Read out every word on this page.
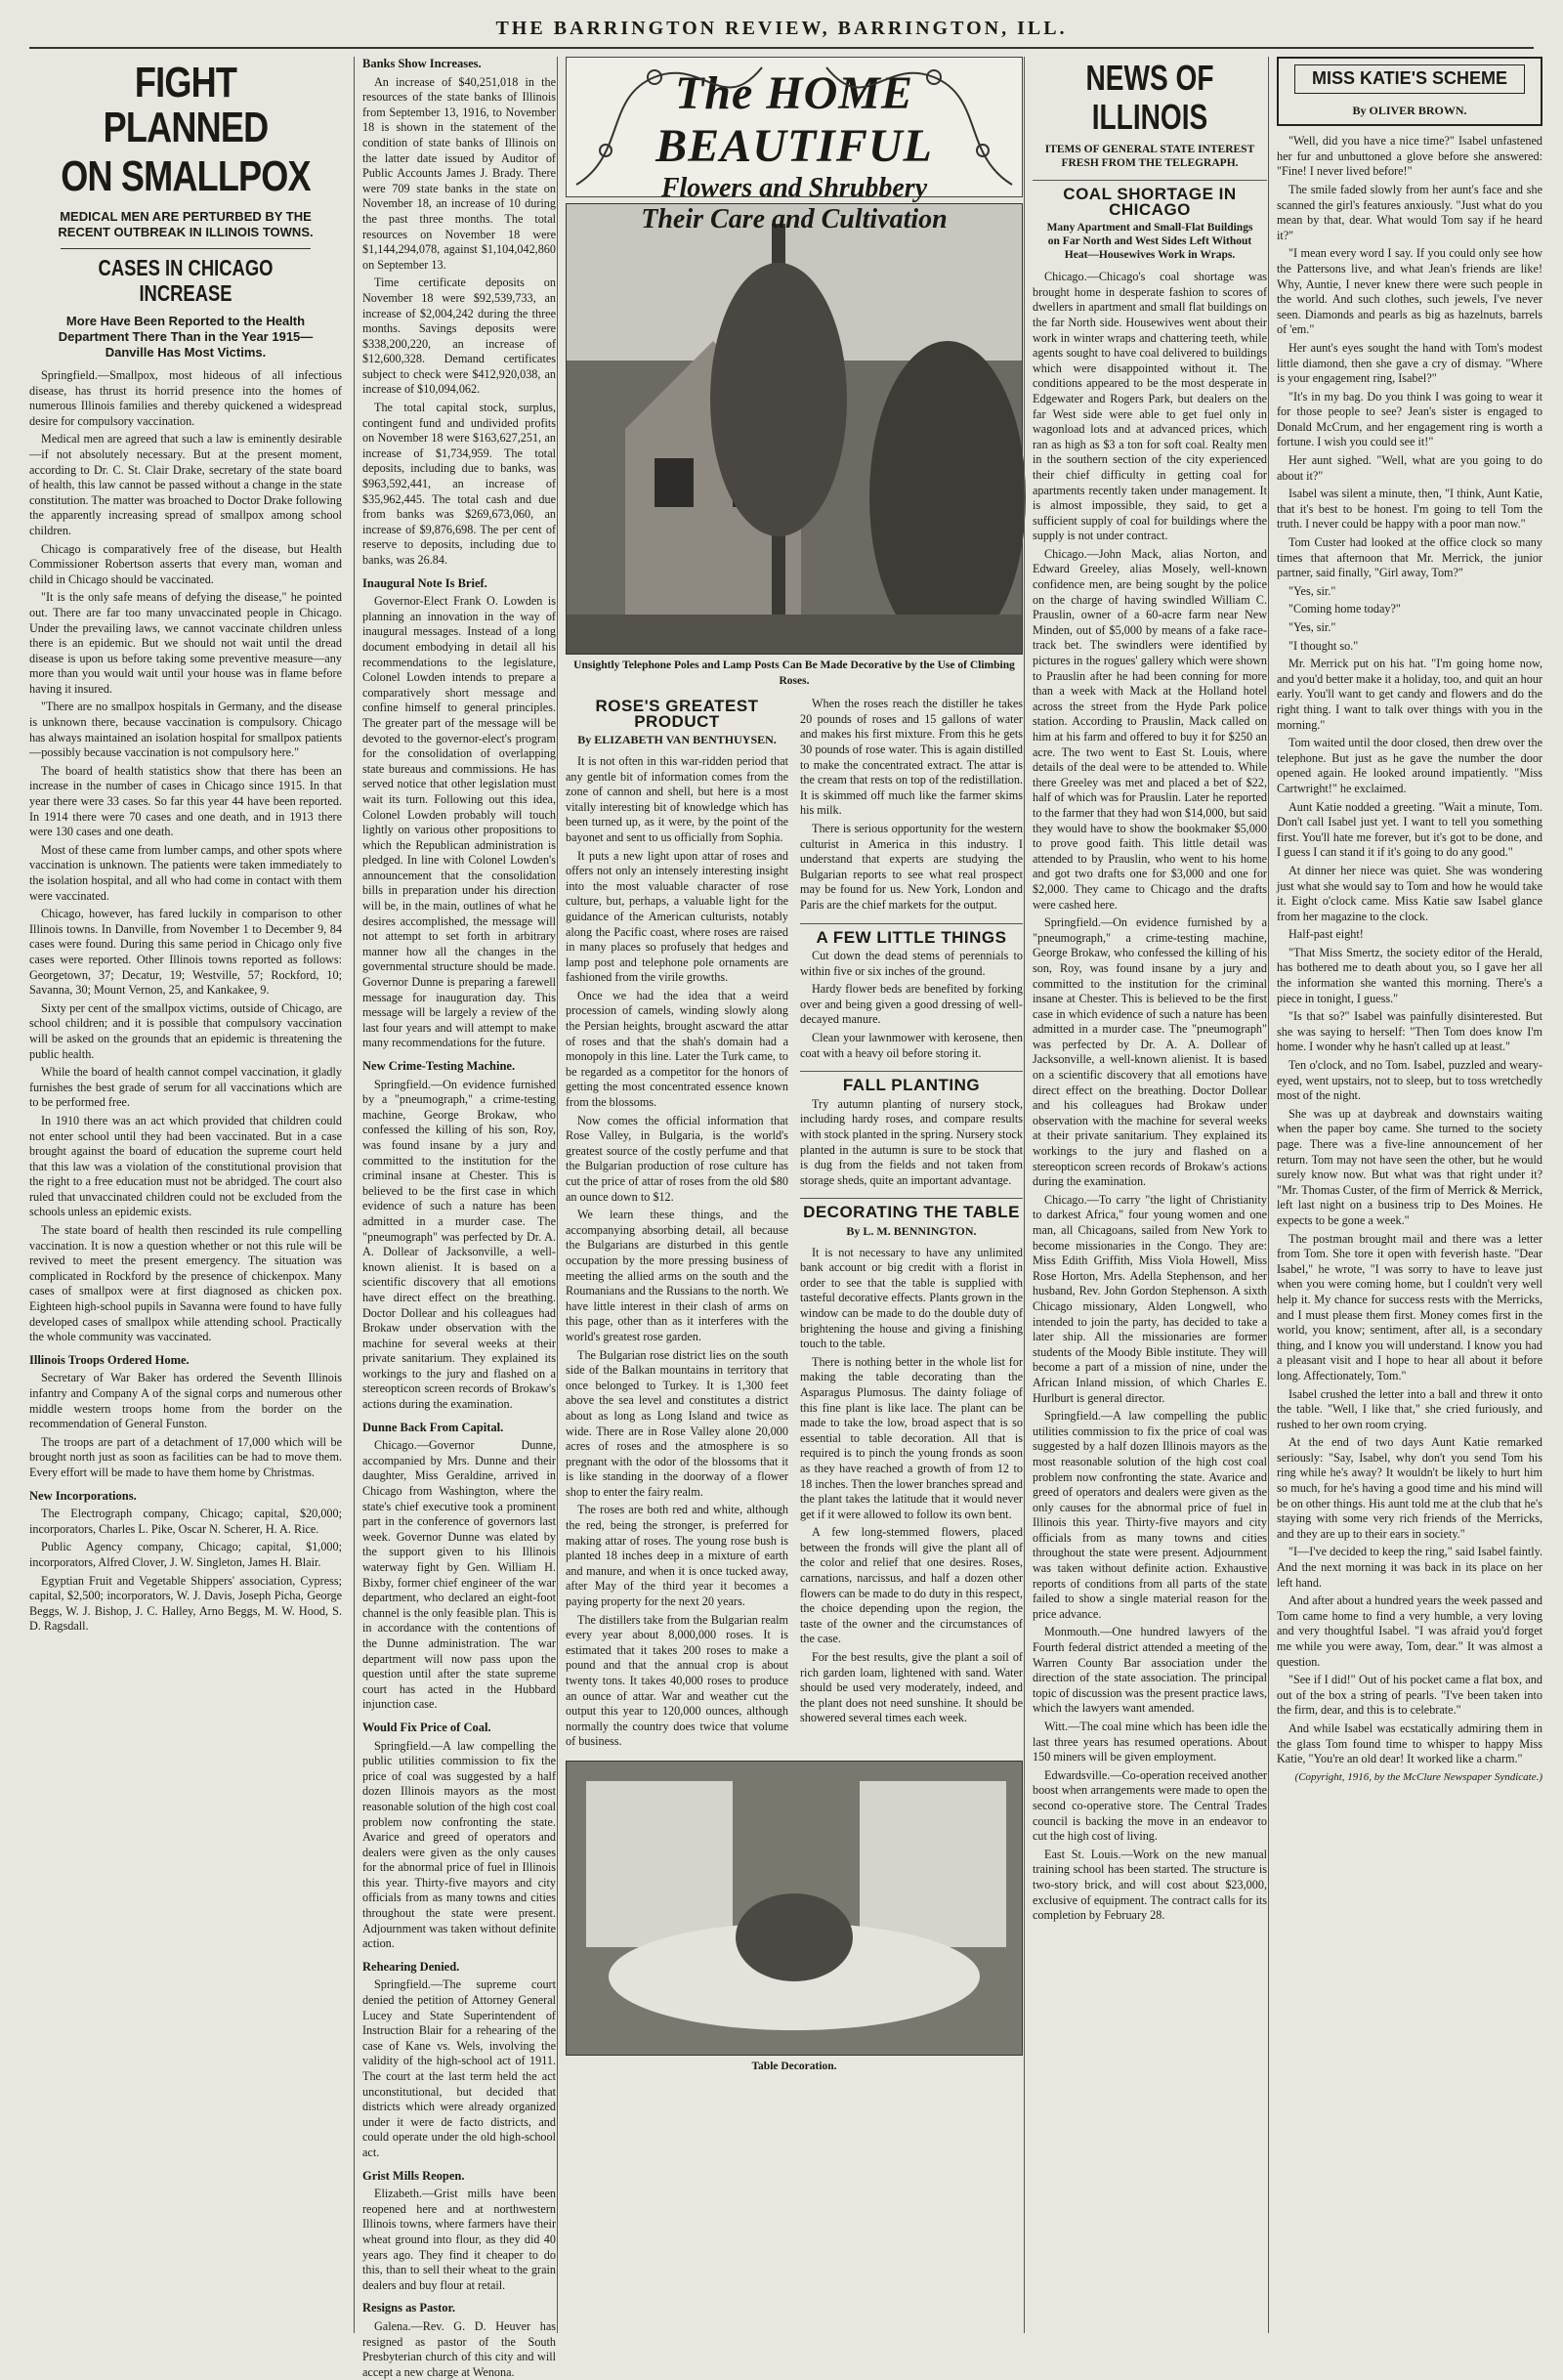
THE BARRINGTON REVIEW, BARRINGTON, ILL.
FIGHT PLANNED
ON SMALLPOX
MEDICAL MEN ARE PERTURBED BY THE RECENT OUTBREAK IN ILLINOIS TOWNS.
CASES IN CHICAGO INCREASE
More Have Been Reported to the Health Department There Than in the Year 1915—Danville Has Most Victims.

Springfield.—Smallpox, most hideous of all infectious disease, has thrust its horrid presence into the homes of numerous Illinois families and thereby quickened a widespread desire for compulsory vaccination.

Medical men are agreed that such a law is eminently desirable—if not absolutely necessary. But at the present moment, according to Dr. C. St. Clair Drake, secretary of the state board of health, this law cannot be passed without a change in the state constitution. The matter was broached to Doctor Drake following the apparently increasing spread of smallpox among school children.

Chicago is comparatively free of the disease, but Health Commissioner Robertson asserts that every man, woman and child in Chicago should be vaccinated.

"It is the only safe means of defying the disease," he pointed out. There are far too many unvaccinated people in Chicago. Under the prevailing laws, we cannot vaccinate children unless there is an epidemic. But we should not wait until the dread disease is upon us before taking some preventive measure—any more than you would wait until your house was in flame before having it insured.

"There are no smallpox hospitals in Germany, and the disease is unknown there, because vaccination is compulsory. Chicago has always maintained an isolation hospital for smallpox patients—possibly because vaccination is not compulsory here."

The board of health statistics show that there has been an increase in the number of cases in Chicago since 1915. In that year there were 33 cases. So far this year 44 have been reported. In 1914 there were 70 cases and one death, and in 1913 there were 130 cases and one death.

Most of these came from lumber camps, and other spots where vaccination is unknown. The patients were taken immediately to the isolation hospital, and all who had come in contact with them were vaccinated.

Chicago, however, has fared luckily in comparison to other Illinois towns. In Danville, from November 1 to December 9, 84 cases were found. During this same period in Chicago only five cases were reported. Other Illinois towns reported as follows: Georgetown, 37; Decatur, 19; Westville, 57; Rockford, 10; Savanna, 30; Mount Vernon, 25, and Kankakee, 9.

Sixty per cent of the smallpox victims, outside of Chicago, are school children; and it is possible that compulsory vaccination will be asked on the grounds that an epidemic is threatening the public health.

While the board of health cannot compel vaccination, it gladly furnishes the best grade of serum for all vaccinations which are to be performed free.

In 1910 there was an act which provided that children could not enter school until they had been vaccinated. But in a case brought against the board of education the supreme court held that this law was a violation of the constitutional provision that the right to a free education must not be abridged. The court also ruled that unvaccinated children could not be excluded from the schools unless an epidemic exists.

The state board of health then rescinded its rule compelling vaccination. It is now a question whether or not this rule will be revived to meet the present emergency. The situation was complicated in Rockford by the presence of chickenpox. Many cases of smallpox were at first diagnosed as chicken pox. Eighteen high-school pupils in Savanna were found to have fully developed cases of smallpox while attending school. Practically the whole community was vaccinated.

Illinois Troops Ordered Home.

Secretary of War Baker has ordered the Seventh Illinois infantry and Company A of the signal corps and numerous other middle western troops home from the border on the recommendation of General Funston.

The troops are part of a detachment of 17,000 which will be brought north just as soon as facilities can be had to move them. Every effort will be made to have them home by Christmas.

New Incorporations.

The Electrograph company, Chicago; capital, $20,000; incorporators, Charles L. Pike, Oscar N. Scherer, H. A. Rice.

Public Agency company, Chicago; capital, $1,000; incorporators, Alfred Clover, J. W. Singleton, James H. Blair.

Egyptian Fruit and Vegetable Shippers' association, Cypress; capital, $2,500; incorporators, W. J. Davis, Joseph Picha, George Beggs, W. J. Bishop, J. C. Halley, Arno Beggs, M. W. Hood, S. D. Ragsdall.

Banks Show Increases.

An increase of $40,251,018 in the resources of the state banks of Illinois from September 13, 1916, to November 18 is shown in the statement of the condition of state banks of Illinois on the latter date issued by Auditor of Public Accounts James J. Brady. There were 709 state banks in the state on November 18, an increase of 10 during the past three months. The total resources on November 18 were $1,144,294,078, against $1,104,042,860 on September 13.

Time certificate deposits on November 18 were $92,539,733, an increase of $2,004,242 during the three months. Savings deposits were $338,200,220, an increase of $12,600,328. Demand certificates subject to check were $412,920,038, an increase of $10,094,062.

The total capital stock, surplus, contingent fund and undivided profits on November 18 were $163,627,251, an increase of $1,734,959. The total deposits, including due to banks, was $963,592,441, an increase of $35,962,445. The total cash and due from banks was $269,673,060, an increase of $9,876,698. The per cent of reserve to deposits, including due to banks, was 26.84.

Inaugural Note Is Brief.

Governor-Elect Frank O. Lowden is planning an innovation in the way of inaugural messages. Instead of a long document embodying in detail all his recommendations to the legislature, Colonel Lowden intends to prepare a comparatively short message and confine himself to general principles. The greater part of the message will be devoted to the governor-elect's program for the consolidation of overlapping state bureaus and commissions. He has served notice that other legislation must wait its turn. Following out this idea, Colonel Lowden probably will touch lightly on various other propositions to which the Republican administration is pledged. In line with Colonel Lowden's announcement that the consolidation bills in preparation under his direction will be, in the main, outlines of what he desires accomplished, the message will not attempt to set forth in arbitrary manner how all the changes in the governmental structure should be made. Governor Dunne is preparing a farewell message for inauguration day. This message will be largely a review of the last four years and will attempt to make many recommendations for the future.

New Crime-Testing Machine.

Springfield.—On evidence furnished by a "pneumograph," a crime-testing machine, George Brokaw, who confessed the killing of his son, Roy, was found insane by a jury and committed to the institution for the criminal insane at Chester. This is believed to be the first case in which evidence of such a nature has been admitted in a murder case. The "pneumograph" was perfected by Dr. A. A. Dollear of Jacksonville, a well-known alienist. It is based on a scientific discovery that all emotions have direct effect on the breathing. Doctor Dollear and his colleagues had Brokaw under observation with the machine for several weeks at their private sanitarium. They explained its workings to the jury and flashed on a stereopticon screen records of Brokaw's actions during the examination.

Dunne Back From Capital.

Chicago.—Governor Dunne, accompanied by Mrs. Dunne and their daughter, Miss Geraldine, arrived in Chicago from Washington, where the state's chief executive took a prominent part in the conference of governors last week. Governor Dunne was elated by the support given to his Illinois waterway fight by Gen. William H. Bixby, former chief engineer of the war department, who declared an eight-foot channel is the only feasible plan. This is in accordance with the contentions of the Dunne administration. The war department will now pass upon the question until after the state supreme court has acted in the Hubbard injunction case.

Would Fix Price of Coal.

Springfield.—A law compelling the public utilities commission to fix the price of coal was suggested by a half dozen Illinois mayors as the most reasonable solution of the high cost coal problem now confronting the state. Avarice and greed of operators and dealers were given as the only causes for the abnormal price of fuel in Illinois this year. Thirty-five mayors and city officials from as many towns and cities throughout the state were present. Adjournment was taken without definite action.

Rehearing Denied.

Springfield.—The supreme court denied the petition of Attorney General Lucey and State Superintendent of Instruction Blair for a rehearing of the case of Kane vs. Wels, involving the validity of the high-school act of 1911. The court at the last term held the act unconstitutional, but decided that districts which were already organized under it were de facto districts, and could operate under the old high-school act.

Grist Mills Reopen.

Elizabeth.—Grist mills have been reopened here and at northwestern Illinois towns, where farmers have their wheat ground into flour, as they did 40 years ago. They find it cheaper to do this, than to sell their wheat to the grain dealers and buy flour at retail.

Resigns as Pastor.

Galena.—Rev. G. D. Heuver has resigned as pastor of the South Presbyterian church of this city and will accept a new charge at Wenona.

The HOME BEAUTIFUL
Flowers and Shrubbery
Their Care and Cultivation
Unsightly Telephone Poles and Lamp Posts Can Be Made Decorative by the Use of Climbing Roses.
ROSE'S GREATEST PRODUCT
By ELIZABETH VAN BENTHUYSEN.

It is not often in this war-ridden period that any gentle bit of information comes from the zone of cannon and shell, but here is a most vitally interesting bit of knowledge which has been turned up, as it were, by the point of the bayonet and sent to us officially from Sophia.

It puts a new light upon attar of roses and offers not only an intensely interesting insight into the most valuable character of rose culture, but, perhaps, a valuable light for the guidance of the American culturists, notably along the Pacific coast, where roses are raised in many places so profusely that hedges and lamp post and telephone pole ornaments are fashioned from the virile growths.

Once we had the idea that a weird procession of camels, winding slowly along the Persian heights, brought ascward the attar of roses and that the shah's domain had a monopoly in this line. Later the Turk came, to be regarded as a competitor for the honors of getting the most concentrated essence known from the blossoms.

Now comes the official information that Rose Valley, in Bulgaria, is the world's greatest source of the costly perfume and that the Bulgarian production of rose culture has cut the price of attar of roses from the old $80 an ounce down to $12.

We learn these things, and the accompanying absorbing detail, all because the Bulgarians are disturbed in this gentle occupation by the more pressing business of meeting the allied arms on the south and the Roumanians and the Russians to the north. We have little interest in their clash of arms on this page, other than as it interferes with the world's greatest rose garden.

The Bulgarian rose district lies on the south side of the Balkan mountains in territory that once belonged to Turkey. It is 1,300 feet above the sea level and constitutes a district about as long as Long Island and twice as wide. There are in Rose Valley alone 20,000 acres of roses and the atmosphere is so pregnant with the odor of the blossoms that it is like standing in the doorway of a flower shop to enter the fairy realm.

The roses are both red and white, although the red, being the stronger, is preferred for making attar of roses. The young rose bush is planted 18 inches deep in a mixture of earth and manure, and when it is once tucked away, after May of the third year it becomes a paying property for the next 20 years.

The distillers take from the Bulgarian realm every year about 8,000,000 roses. It is estimated that it takes 200 roses to make a pound and that the annual crop is about twenty tons. It takes 40,000 roses to produce an ounce of attar. War and weather cut the output this year to 120,000 ounces, although normally the country does twice that volume of business.

When the roses reach the distiller he takes 20 pounds of roses and 15 gallons of water and makes his first mixture. From this he gets 30 pounds of rose water. This is again distilled to make the concentrated extract. The attar is the cream that rests on top of the redistillation. It is skimmed off much like the farmer skims his milk.

There is serious opportunity for the western culturist in America in this industry. I understand that experts are studying the Bulgarian reports to see what real prospect may be found for us. New York, London and Paris are the chief markets for the output.

A FEW LITTLE THINGS

Cut down the dead stems of perennials to within five or six inches of the ground.

Hardy flower beds are benefited by forking over and being given a good dressing of well-decayed manure.

Clean your lawnmower with kerosene, then coat with a heavy oil before storing it.

FALL PLANTING

Try autumn planting of nursery stock, including hardy roses, and compare results with stock planted in the spring. Nursery stock planted in the autumn is sure to be stock that is dug from the fields and not taken from storage sheds, quite an important advantage.

DECORATING THE TABLE
By L. M. BENNINGTON.

It is not necessary to have any unlimited bank account or big credit with a florist in order to see that the table is supplied with tasteful decorative effects. Plants grown in the window can be made to do the double duty of brightening the house and giving a finishing touch to the table.

There is nothing better in the whole list for making the table decorating than the Asparagus Plumosus. The dainty foliage of this fine plant is like lace. The plant can be made to take the low, broad aspect that is so essential to table decoration. All that is required is to pinch the young fronds as soon as they have reached a growth of from 12 to 18 inches. Then the lower branches spread and the plant takes the latitude that it would never get if it were allowed to follow its own bent.

A few long-stemmed flowers, placed between the fronds will give the plant all of the color and relief that one desires. Roses, carnations, narcissus, and half a dozen other flowers can be made to do duty in this respect, the choice depending upon the region, the taste of the owner and the circumstances of the case.

For the best results, give the plant a soil of rich garden loam, lightened with sand. Water should be used very moderately, indeed, and the plant does not need sunshine. It should be showered several times each week.

Table Decoration.
NEWS OF ILLINOIS
ITEMS OF GENERAL STATE INTEREST FRESH FROM THE TELEGRAPH.
COAL SHORTAGE IN CHICAGO
Many Apartment and Small-Flat Buildings on Far North and West Sides Left Without Heat—Housewives Work in Wraps.

Chicago.—Chicago's coal shortage was brought home in desperate fashion to scores of dwellers in apartment and small flat buildings on the far North side. Housewives went about their work in winter wraps and chattering teeth, while agents sought to have coal delivered to buildings which were disappointed without it. The conditions appeared to be the most desperate in Edgewater and Rogers Park, but dealers on the far West side were able to get fuel only in wagonload lots and at advanced prices, which ran as high as $3 a ton for soft coal. Realty men in the southern section of the city experienced their chief difficulty in getting coal for apartments recently taken under management. It is almost impossible, they said, to get a sufficient supply of coal for buildings where the supply is not under contract.

Chicago.—John Mack, alias Norton, and Edward Greeley, alias Mosely, well-known confidence men, are being sought by the police on the charge of having swindled William C. Prauslin, owner of a 60-acre farm near New Minden, out of $5,000 by means of a fake race-track bet. The swindlers were identified by pictures in the rogues' gallery which were shown to Prauslin after he had been conning for more than a week with Mack at the Holland hotel across the street from the Hyde Park police station. According to Prauslin, Mack called on him at his farm and offered to buy it for $250 an acre. The two went to East St. Louis, where details of the deal were to be attended to. While there Greeley was met and placed a bet of $22, half of which was for Prauslin. Later he reported to the farmer that they had won $14,000, but said they would have to show the bookmaker $5,000 to prove good faith. This little detail was attended to by Prauslin, who went to his home and got two drafts one for $3,000 and one for $2,000. They came to Chicago and the drafts were cashed here.

Springfield.—On evidence furnished by a "pneumograph," a crime-testing machine, George Brokaw, who confessed the killing of his son, Roy, was found insane by a jury and committed to the institution for the criminal insane at Chester. This is believed to be the first case in which evidence of such a nature has been admitted in a murder case. The "pneumograph" was perfected by Dr. A. A. Dollear of Jacksonville, a well-known alienist. It is based on a scientific discovery that all emotions have direct effect on the breathing. Doctor Dollear and his colleagues had Brokaw under observation with the machine for several weeks at their private sanitarium. They explained its workings to the jury and flashed on a stereopticon screen records of Brokaw's actions during the examination.

Chicago.—To carry "the light of Christianity to darkest Africa," four young women and one man, all Chicagoans, sailed from New York to become missionaries in the Congo. They are: Miss Edith Griffith, Miss Viola Howell, Miss Rose Horton, Mrs. Adella Stephenson, and her husband, Rev. John Gordon Stephenson. A sixth Chicago missionary, Alden Longwell, who intended to join the party, has decided to take a later ship. All the missionaries are former students of the Moody Bible institute. They will become a part of a mission of nine, under the African Inland mission, of which Charles E. Hurlburt is general director.

Springfield.—A law compelling the public utilities commission to fix the price of coal was suggested by a half dozen Illinois mayors as the most reasonable solution of the high cost coal problem now confronting the state. Avarice and greed of operators and dealers were given as the only causes for the abnormal price of fuel in Illinois this year. Thirty-five mayors and city officials from as many towns and cities throughout the state were present. Adjournment was taken without definite action. Exhaustive reports of conditions from all parts of the state failed to show a single material reason for the price advance.

Monmouth.—One hundred lawyers of the Fourth federal district attended a meeting of the Warren County Bar association under the direction of the state association. The principal topic of discussion was the present practice laws, which the lawyers want amended.

Witt.—The coal mine which has been idle the last three years has resumed operations. About 150 miners will be given employment.

Edwardsville.—Co-operation received another boost when arrangements were made to open the second co-operative store. The Central Trades council is backing the move in an endeavor to cut the high cost of living.

East St. Louis.—Work on the new manual training school has been started. The structure is two-story brick, and will cost about $23,000, exclusive of equipment. The contract calls for its completion by February 28.

MISS KATIE'S SCHEME
By OLIVER BROWN.

"Well, did you have a nice time?" Isabel unfastened her fur and unbuttoned a glove before she answered: "Fine! I never lived before!"

The smile faded slowly from her aunt's face and she scanned the girl's features anxiously. "Just what do you mean by that, dear. What would Tom say if he heard it?"

"I mean every word I say. If you could only see how the Pattersons live, and what Jean's friends are like! Why, Auntie, I never knew there were such people in the world. And such clothes, such jewels, I've never seen. Diamonds and pearls as big as hazelnuts, barrels of 'em."

Her aunt's eyes sought the hand with Tom's modest little diamond, then she gave a cry of dismay. "Where is your engagement ring, Isabel?"

"It's in my bag. Do you think I was going to wear it for those people to see? Jean's sister is engaged to Donald McCrum, and her engagement ring is worth a fortune. I wish you could see it!"

Her aunt sighed. "Well, what are you going to do about it?"

Isabel was silent a minute, then, "I think, Aunt Katie, that it's best to be honest. I'm going to tell Tom the truth. I never could be happy with a poor man now."

Tom Custer had looked at the office clock so many times that afternoon that Mr. Merrick, the junior partner, said finally, "Girl away, Tom?"

"Yes, sir."

"Coming home today?"

"Yes, sir."

"I thought so."

Mr. Merrick put on his hat. "I'm going home now, and you'd better make it a holiday, too, and quit an hour early. You'll want to get candy and flowers and do the right thing. I want to talk over things with you in the morning."

Tom waited until the door closed, then drew over the telephone. But just as he gave the number the door opened again. He looked around impatiently. "Miss Cartwright!" he exclaimed.

Aunt Katie nodded a greeting. "Wait a minute, Tom. Don't call Isabel just yet. I want to tell you something first. You'll hate me forever, but it's got to be done, and I guess I can stand it if it's going to do any good."

At dinner her niece was quiet. She was wondering just what she would say to Tom and how he would take it. Eight o'clock came. Miss Katie saw Isabel glance from her magazine to the clock.

Half-past eight!

"That Miss Smertz, the society editor of the Herald, has bothered me to death about you, so I gave her all the information she wanted this morning. There's a piece in tonight, I guess."

"Is that so?" Isabel was painfully disinterested. But she was saying to herself: "Then Tom does know I'm home. I wonder why he hasn't called up at least."

Ten o'clock, and no Tom. Isabel, puzzled and weary-eyed, went upstairs, not to sleep, but to toss wretchedly most of the night.

She was up at daybreak and downstairs waiting when the paper boy came. She turned to the society page. There was a five-line announcement of her return. Tom may not have seen the other, but he would surely know now. But what was that right under it? "Mr. Thomas Custer, of the firm of Merrick & Merrick, left last night on a business trip to Des Moines. He expects to be gone a week."

The postman brought mail and there was a letter from Tom. She tore it open with feverish haste. "Dear Isabel," he wrote, "I was sorry to have to leave just when you were coming home, but I couldn't very well help it. My chance for success rests with the Merricks, and I must please them first. Money comes first in the world, you know; sentiment, after all, is a secondary thing, and I know you will understand. I know you had a pleasant visit and I hope to hear all about it before long. Affectionately, Tom."

Isabel crushed the letter into a ball and threw it onto the table. "Well, I like that," she cried furiously, and rushed to her own room crying.

At the end of two days Aunt Katie remarked seriously: "Say, Isabel, why don't you send Tom his ring while he's away? It wouldn't be likely to hurt him so much, for he's having a good time and his mind will be on other things. His aunt told me at the club that he's staying with some very rich friends of the Merricks, and they are up to their ears in society."

"I—I've decided to keep the ring," said Isabel faintly. And the next morning it was back in its place on her left hand.

And after about a hundred years the week passed and Tom came home to find a very humble, a very loving and very thoughtful Isabel. "I was afraid you'd forget me while you were away, Tom, dear." It was almost a question.

"See if I did!" Out of his pocket came a flat box, and out of the box a string of pearls. "I've been taken into the firm, dear, and this is to celebrate."

And while Isabel was ecstatically admiring them in the glass Tom found time to whisper to happy Miss Katie, "You're an old dear! It worked like a charm."

(Copyright, 1916, by the McClure Newspaper Syndicate.)
